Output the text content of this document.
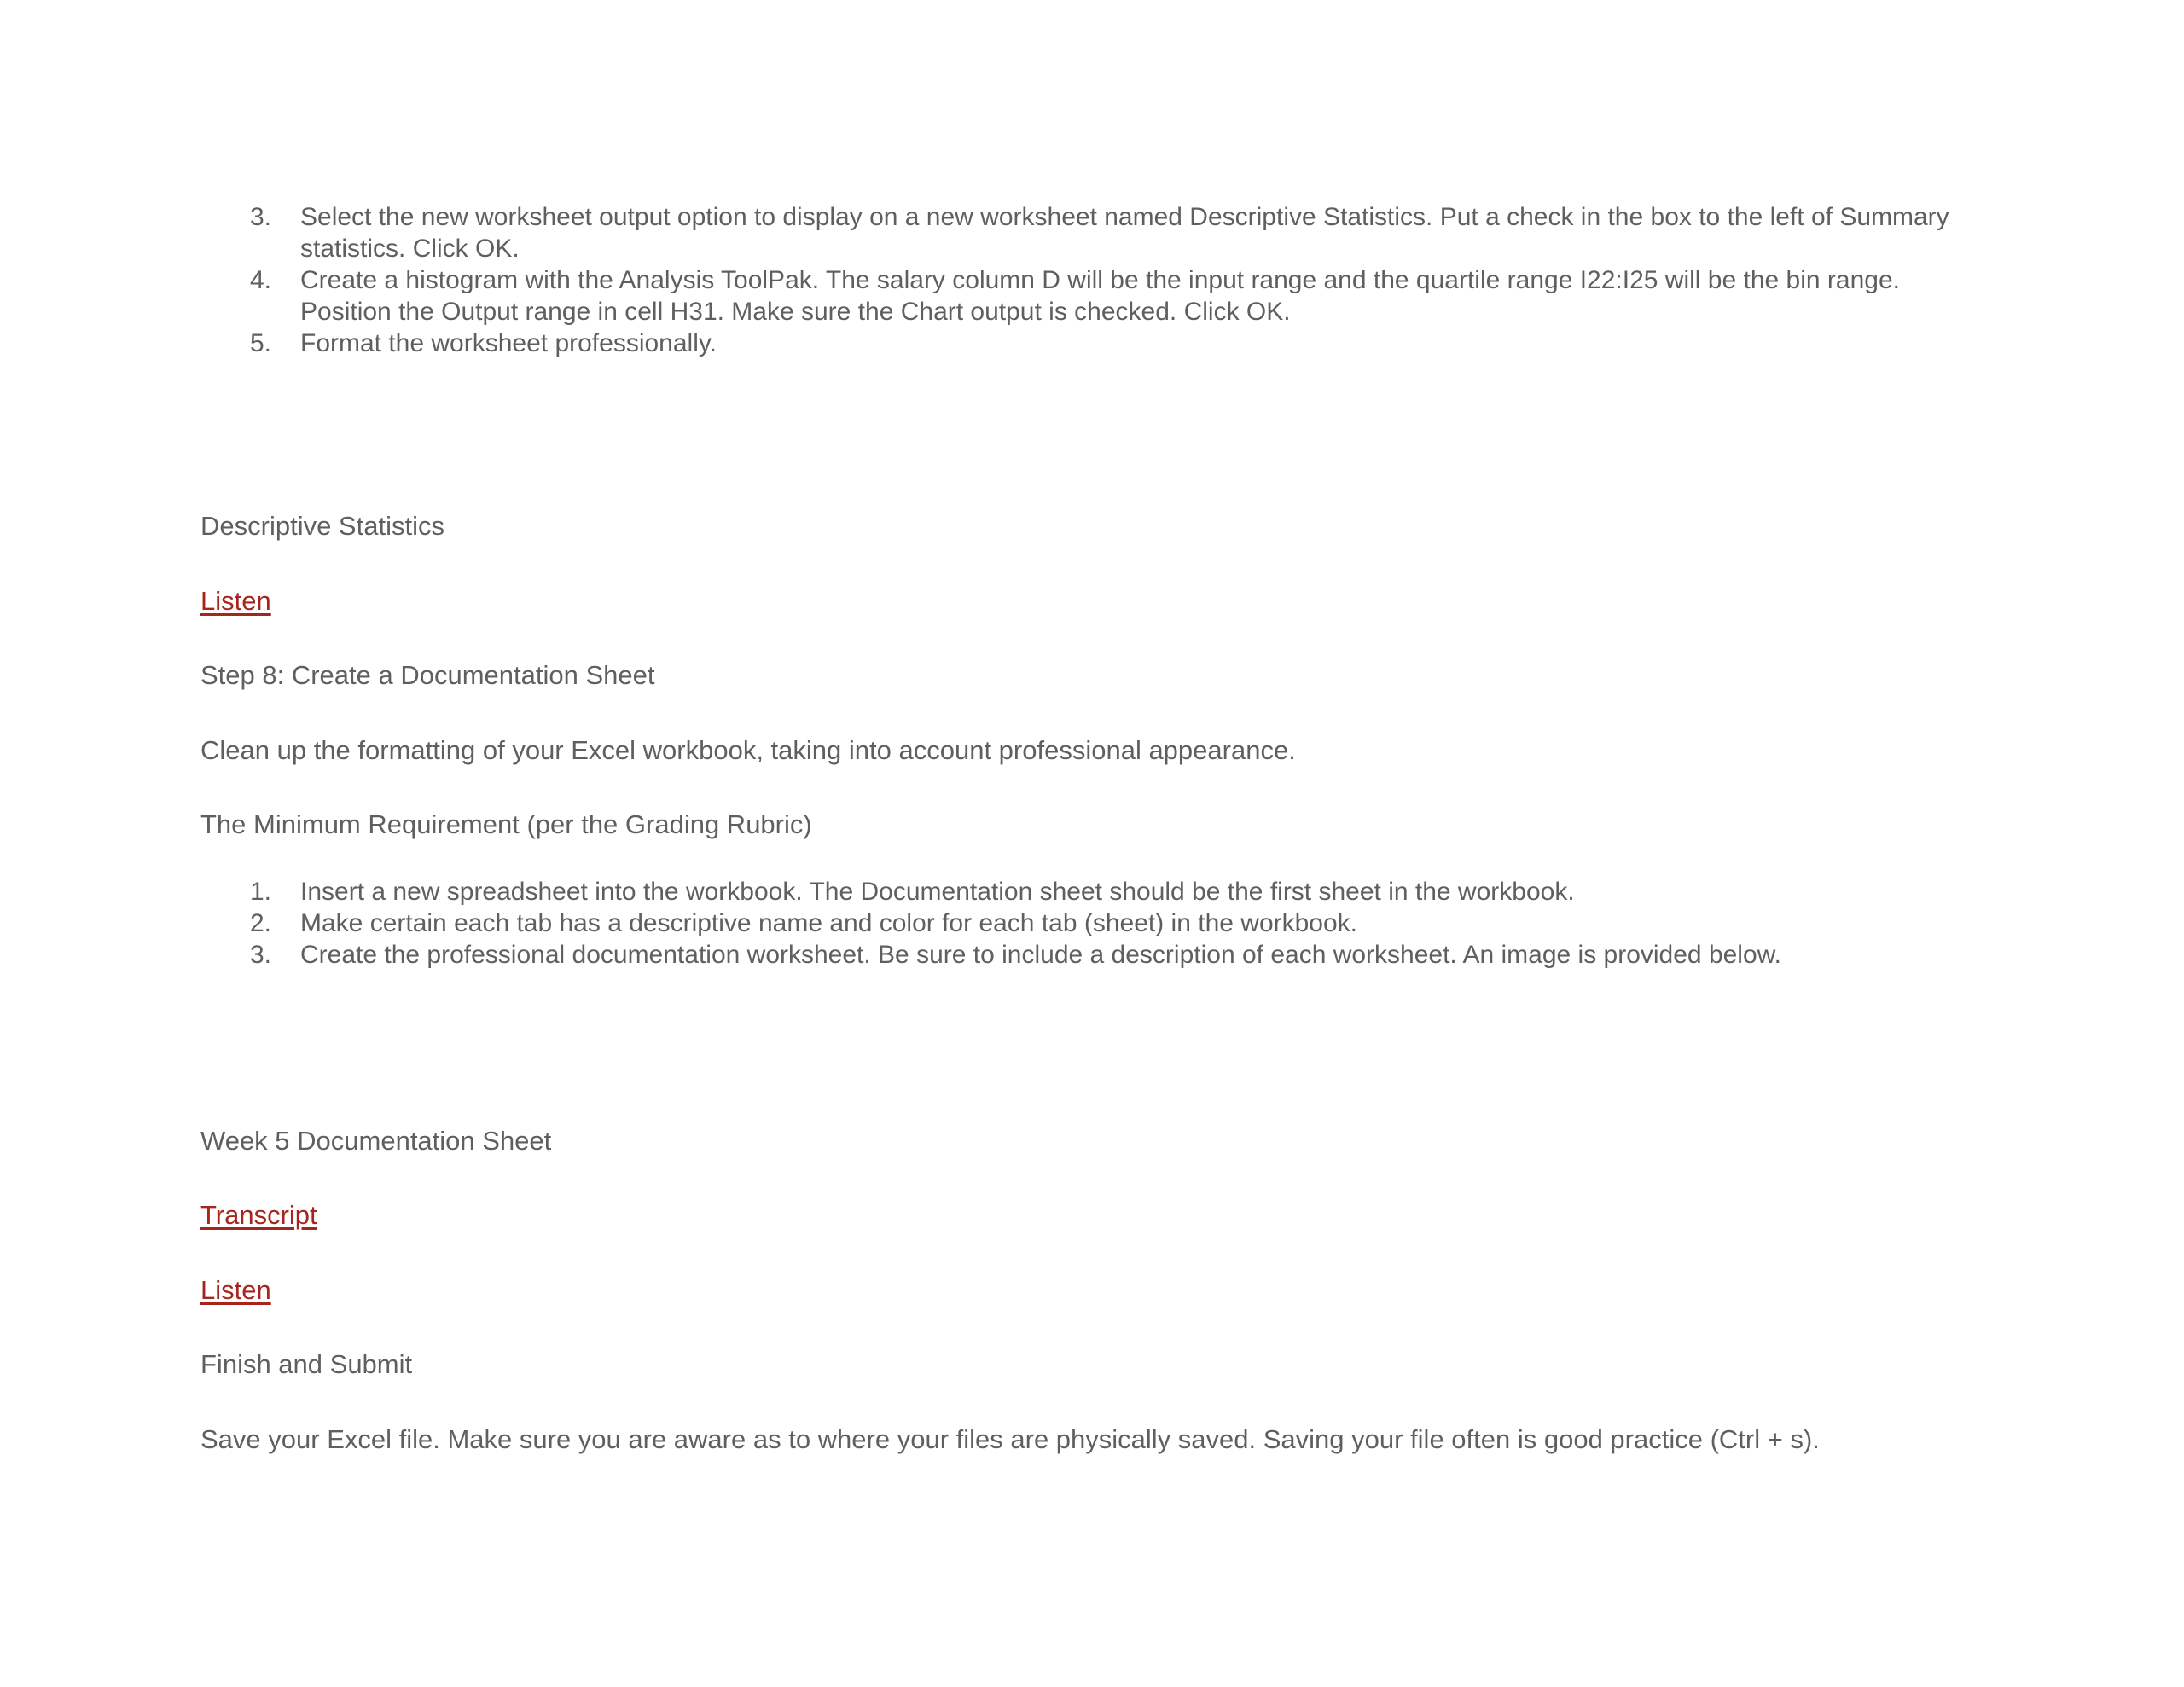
3. Select the new worksheet output option to display on a new worksheet named Descriptive Statistics. Put a check in the box to the left of Summary statistics. Click OK.
4. Create a histogram with the Analysis ToolPak. The salary column D will be the input range and the quartile range I22:I25 will be the bin range. Position the Output range in cell H31. Make sure the Chart output is checked. Click OK.
5. Format the worksheet professionally.

Descriptive Statistics

Listen

Step 8: Create a Documentation Sheet

Clean up the formatting of your Excel workbook, taking into account professional appearance.

The Minimum Requirement (per the Grading Rubric)

1. Insert a new spreadsheet into the workbook. The Documentation sheet should be the first sheet in the workbook.
2. Make certain each tab has a descriptive name and color for each tab (sheet) in the workbook.
3. Create the professional documentation worksheet. Be sure to include a description of each worksheet. An image is provided below.

Week 5 Documentation Sheet

Transcript

Listen

Finish and Submit

Save your Excel file. Make sure you are aware as to where your files are physically saved. Saving your file often is good practice (Ctrl + s).
